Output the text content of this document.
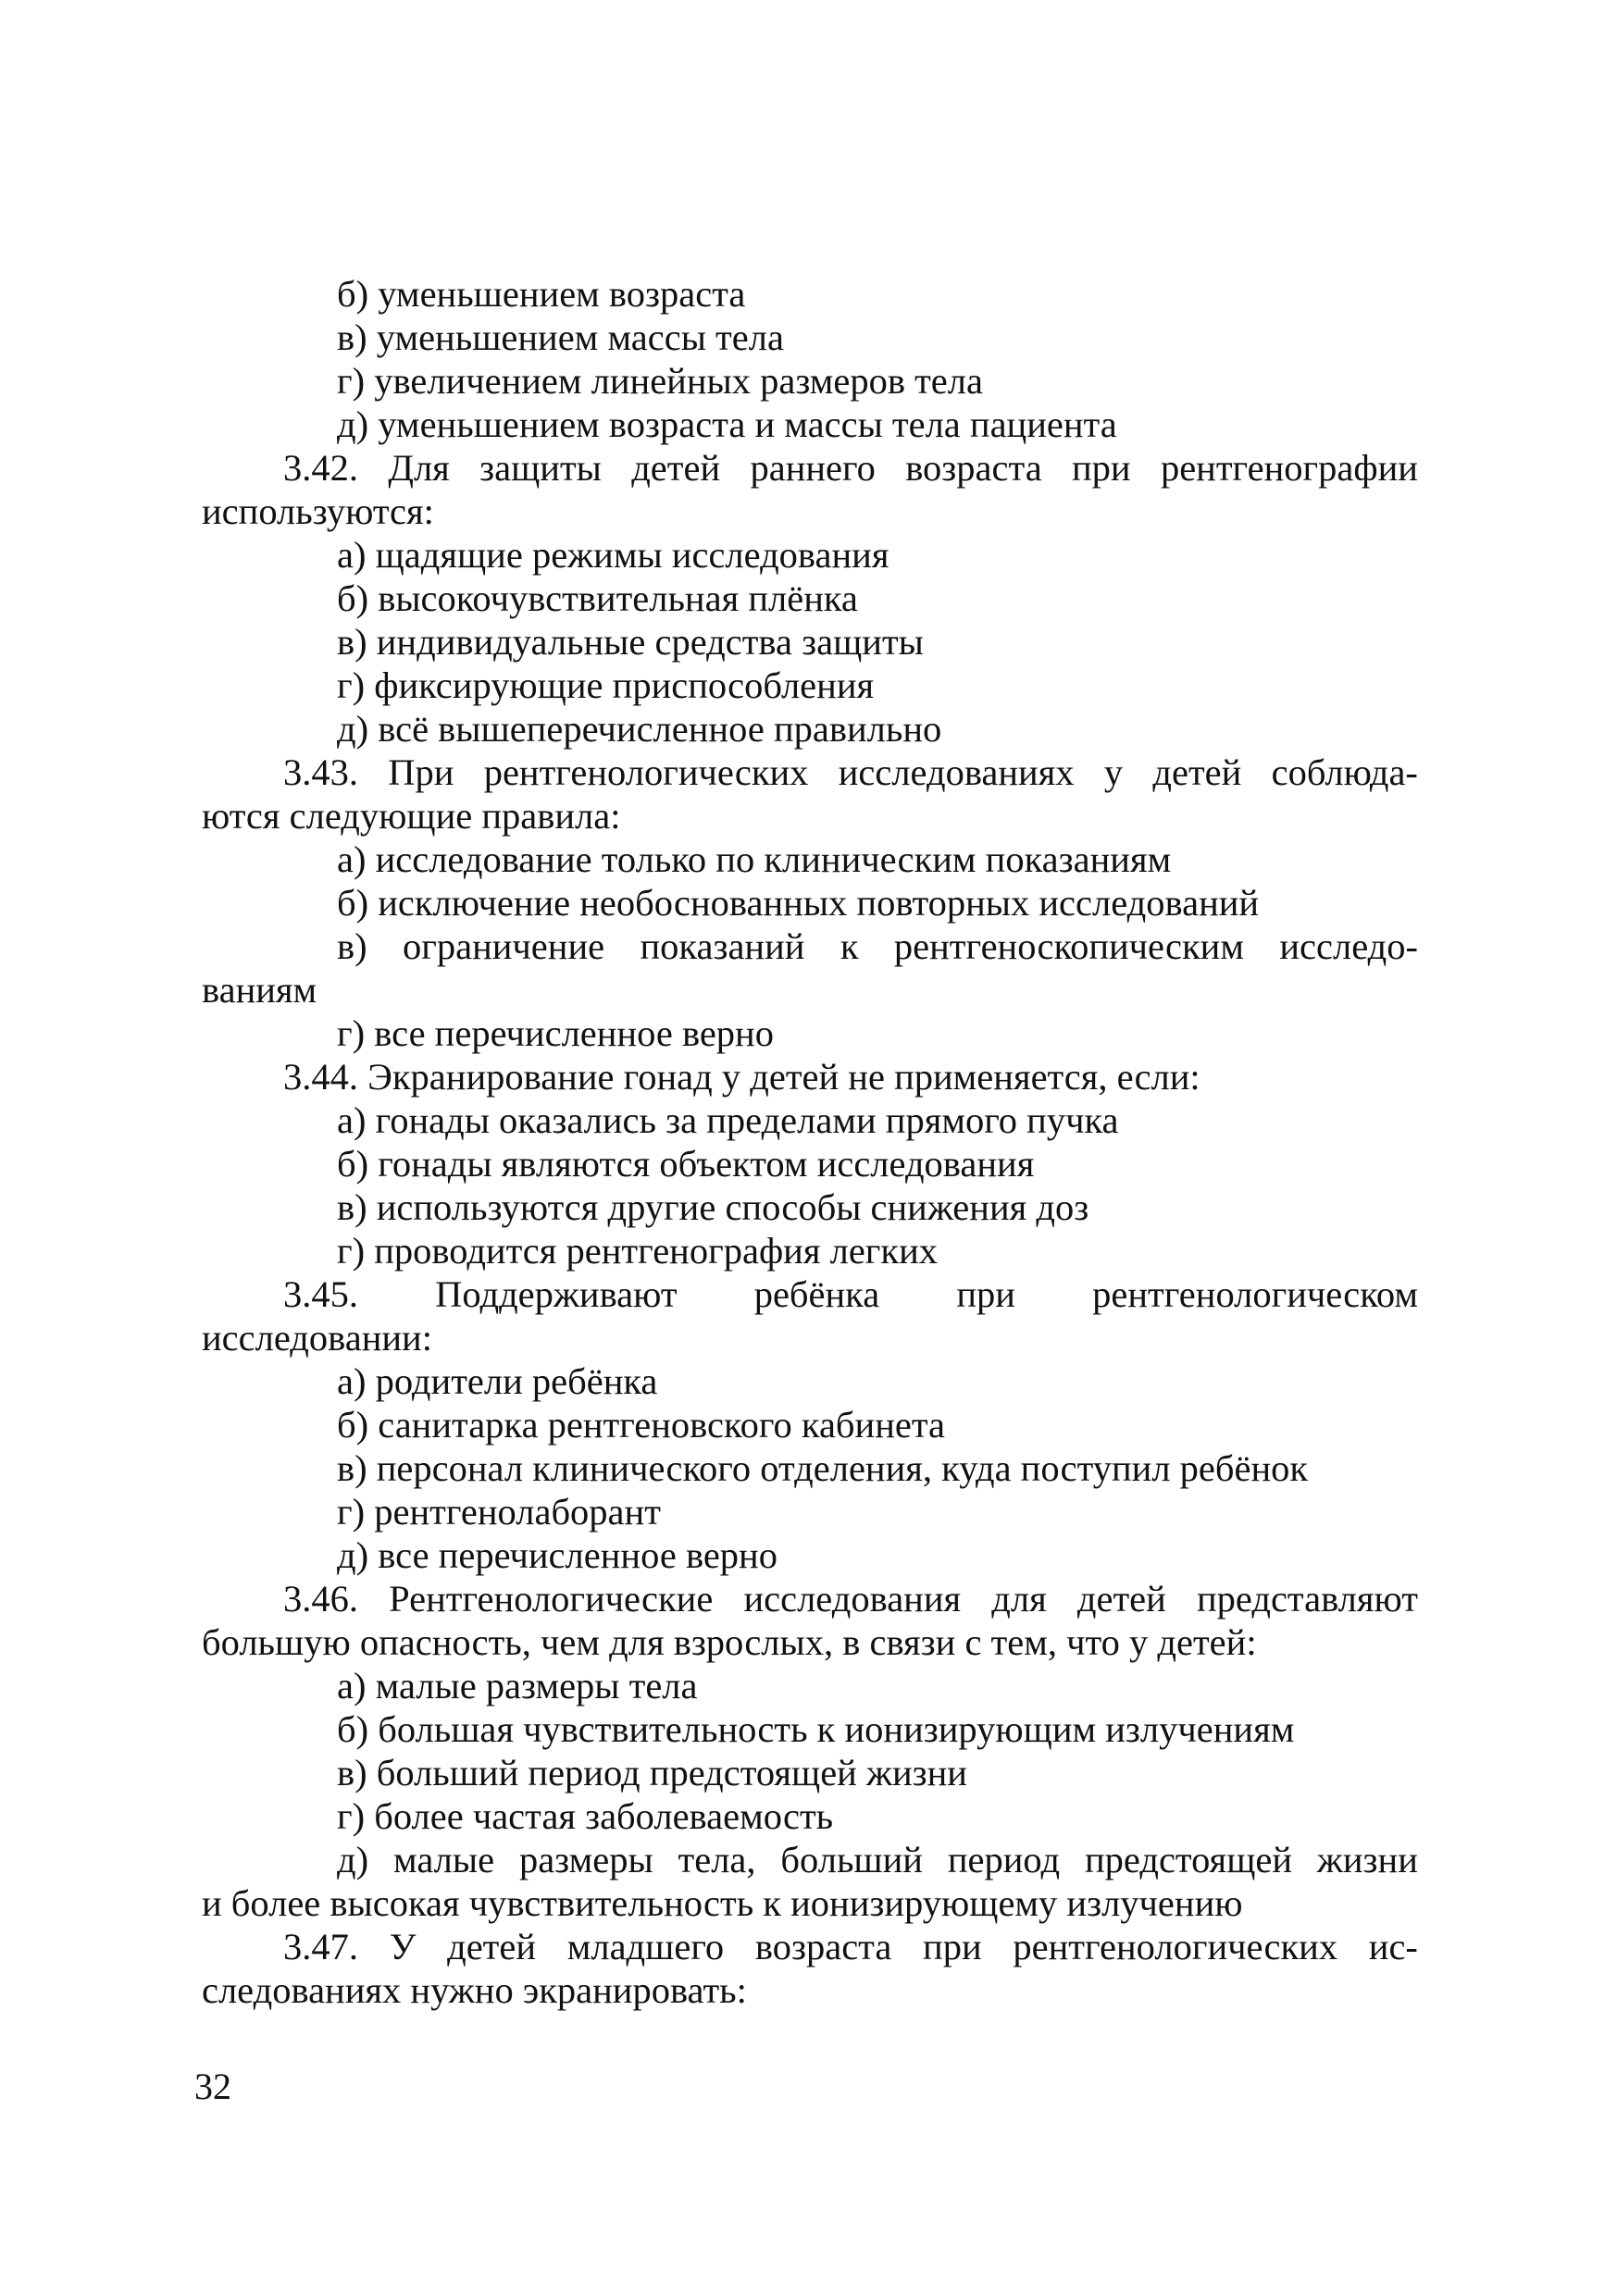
б) уменьшением возраста
в) уменьшением массы тела
г) увеличением линейных размеров тела
д) уменьшением возраста и массы тела пациента
3.42. Для защиты детей раннего возраста при рентгенографии
используются:
а) щадящие режимы исследования
б) высокочувствительная плёнка
в) индивидуальные средства защиты
г) фиксирующие приспособления
д) всё вышеперечисленное правильно
3.43. При рентгенологических исследованиях у детей соблюда-
ются следующие правила:
а) исследование только по клиническим показаниям
б) исключение необоснованных повторных исследований
в) ограничение показаний к рентгеноскопическим исследо-
ваниям
г) все перечисленное верно
3.44. Экранирование гонад у детей не применяется, если:
а) гонады оказались за пределами прямого пучка
б) гонады являются объектом исследования
в) используются другие способы снижения доз
г) проводится рентгенография легких
3.45. Поддерживают ребёнка при рентгенологическом
исследовании:
а) родители ребёнка
б) санитарка рентгеновского кабинета
в) персонал клинического отделения, куда поступил ребёнок
г) рентгенолаборант
д) все перечисленное верно
3.46. Рентгенологические исследования для детей представляют
большую опасность, чем для взрослых, в связи с тем, что у детей:
а) малые размеры тела
б) большая чувствительность к ионизирующим излучениям
в) больший период предстоящей жизни
г) более частая заболеваемость
д) малые размеры тела, больший период предстоящей жизни
и более высокая чувствительность к ионизирующему излучению
3.47. У детей младшего возраста при рентгенологических ис-
следованиях нужно экранировать:
32
